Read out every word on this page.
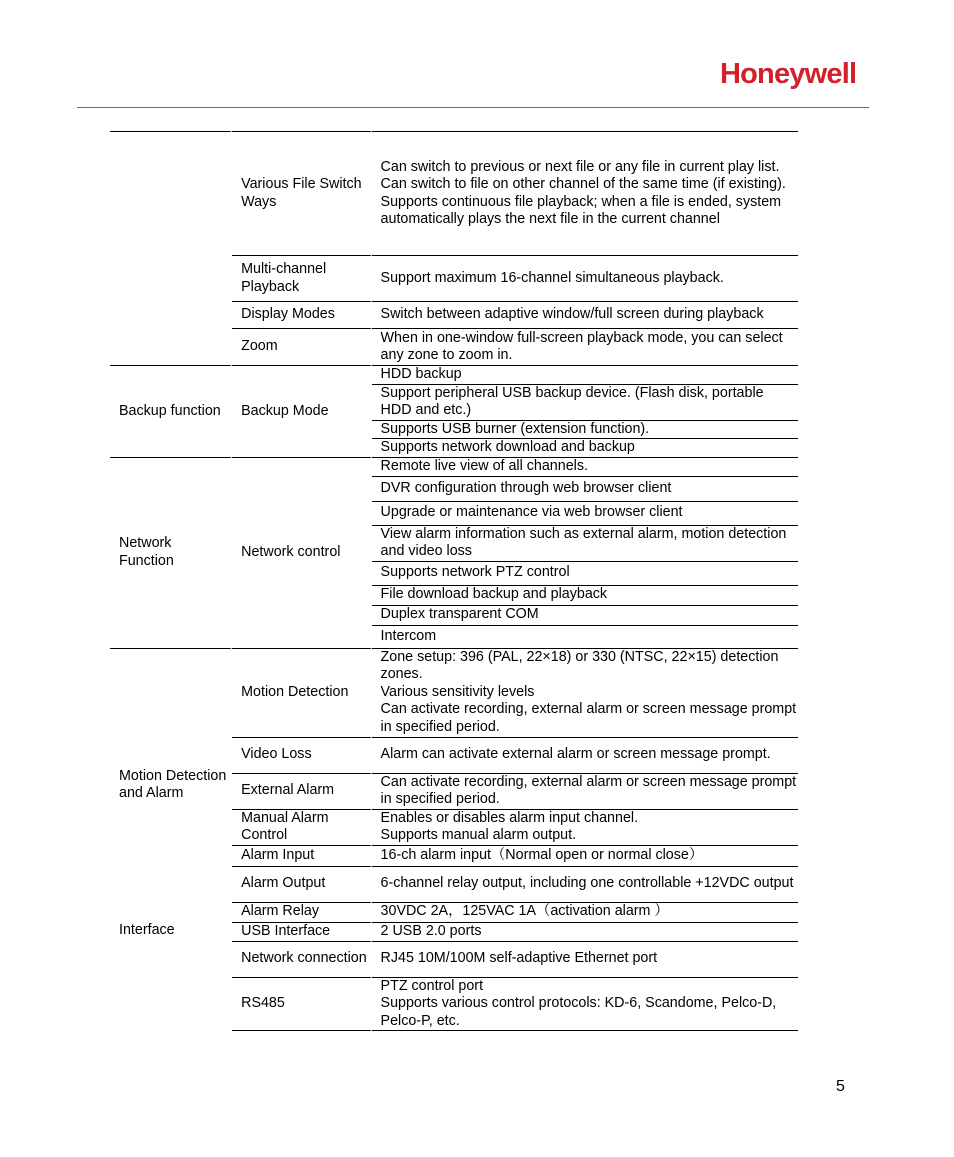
Honeywell
	Various File Switch Ways	Can switch to previous or next file or any file in current play list.
Can switch to file on other channel of the same time (if existing).
Supports continuous file playback; when a file is ended, system automatically plays the next file in the current channel

	Multi-channel Playback	Support maximum 16-channel simultaneous playback.
	Display Modes	Switch between adaptive window/full screen during playback
	Zoom	When in one-window full-screen playback mode, you can select any zone to zoom in.
Backup function	Backup Mode	HDD backup
		Support peripheral USB backup device. (Flash disk, portable HDD and etc.)
		Supports USB burner (extension function).
		Supports network download and backup
Network Function	Network control	Remote live view of all channels.
		DVR configuration through web browser client
		Upgrade or maintenance via web browser client
		View alarm information such as external alarm, motion detection and video loss
		Supports network PTZ control
		File download backup and playback
		Duplex transparent COM
		Intercom
Motion Detection and Alarm	Motion Detection	Zone setup: 396 (PAL, 22×18) or 330 (NTSC, 22×15) detection zones.
Various sensitivity levels
Can activate recording, external alarm or screen message prompt in specified period.

	Video Loss	Alarm can activate external alarm or screen message prompt.
	External Alarm	Can activate recording, external alarm or screen message prompt in specified period.
	Manual Alarm Control	Enables or disables alarm input channel.
Supports manual alarm output.

	Alarm Input	16-ch alarm input（Normal open or normal close）
	Alarm Output	6-channel relay output, including one controllable +12VDC output
	Alarm Relay	30VDC 2A，125VAC 1A（activation alarm ）
Interface	USB Interface	2 USB 2.0 ports
	Network connection	RJ45 10M/100M self-adaptive Ethernet port
	RS485	PTZ control port
Supports various control protocols: KD-6, Scandome, Pelco-D, Pelco-P, etc.
5
